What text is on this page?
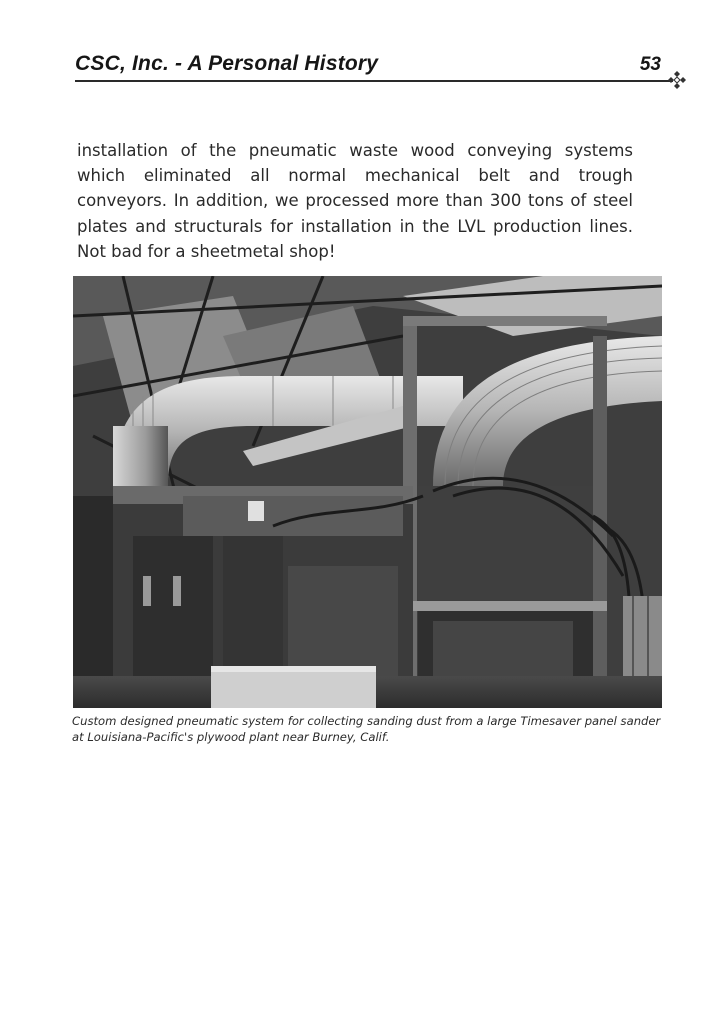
CSC, Inc. - A Personal History	53

installation of the pneumatic waste wood conveying systems which eliminated all normal mechanical belt and trough conveyors. In addition, we processed more than 300 tons of steel plates and structurals for installation in the LVL production lines. Not bad for a sheetmetal shop!

Custom designed pneumatic system for collecting sanding dust from a large Timesaver panel sander at Louisiana-Pacific's plywood plant near Burney, Calif.
